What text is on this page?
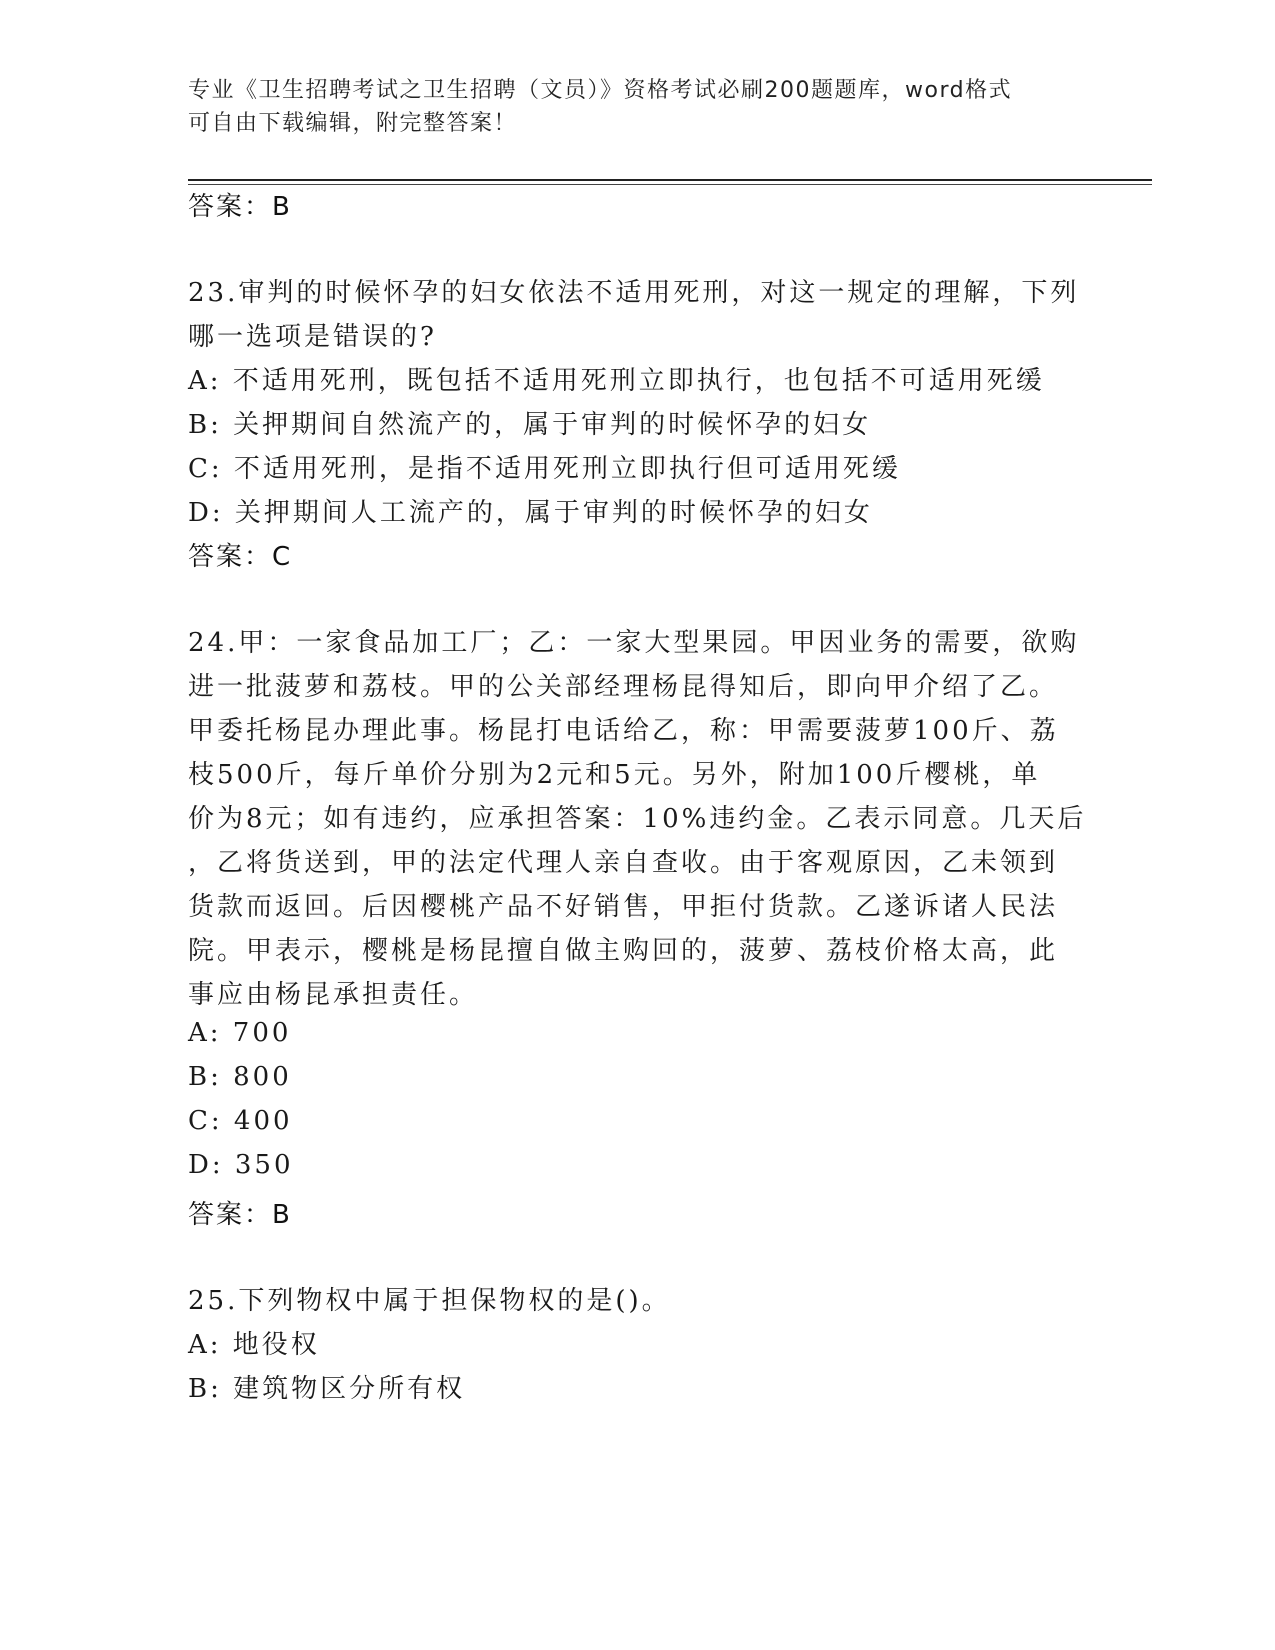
专业《卫生招聘考试之卫生招聘（文员）》资格考试必刷200题题库，word格式
可自由下载编辑，附完整答案！
答案：B
23.审判的时候怀孕的妇女依法不适用死刑，对这一规定的理解，下列
哪一选项是错误的?
A: 不适用死刑，既包括不适用死刑立即执行，也包括不可适用死缓
B: 关押期间自然流产的，属于审判的时候怀孕的妇女
C: 不适用死刑，是指不适用死刑立即执行但可适用死缓
D: 关押期间人工流产的，属于审判的时候怀孕的妇女
答案：C
24.甲：一家食品加工厂；乙：一家大型果园。甲因业务的需要，欲购
进一批菠萝和荔枝。甲的公关部经理杨昆得知后，即向甲介绍了乙。
甲委托杨昆办理此事。杨昆打电话给乙，称：甲需要菠萝100斤、荔
枝500斤，每斤单价分别为2元和5元。另外，附加100斤樱桃，单
价为8元；如有违约，应承担答案：10%违约金。乙表示同意。几天后
，乙将货送到，甲的法定代理人亲自查收。由于客观原因，乙未领到
货款而返回。后因樱桃产品不好销售，甲拒付货款。乙遂诉诸人民法
院。甲表示，樱桃是杨昆擅自做主购回的，菠萝、荔枝价格太高，此
事应由杨昆承担责任。
A: 700
B: 800
C: 400
D: 350
答案：B
25.下列物权中属于担保物权的是()。
A: 地役权
B: 建筑物区分所有权
